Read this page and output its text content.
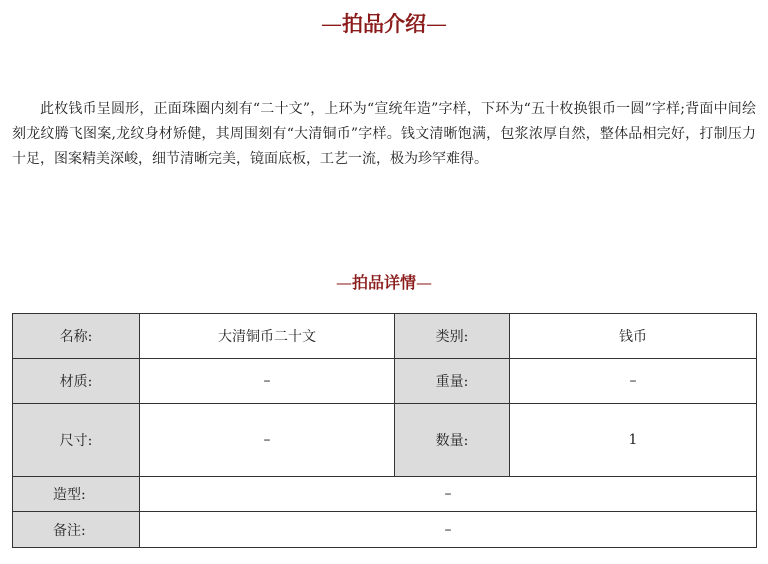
—拍品介绍—

此枚钱币呈圆形，正面珠圈内刻有“二十文”，上环为“宣统年造”字样，下环为“五十枚换银币一圆”字样;背面中间绘刻龙纹腾飞图案,龙纹身材矫健，其周围刻有“大清铜币”字样。钱文清晰饱满，包浆浓厚自然，整体品相完好，打制压力十足，图案精美深峻，细节清晰完美，镜面底板，工艺一流，极为珍罕难得。

—拍品详情—
名称:	大清铜币二十文	类别:	钱币
材质:	–	重量:	–
尺寸:	–	数量:	1
造型:	–		
备注:	–		
